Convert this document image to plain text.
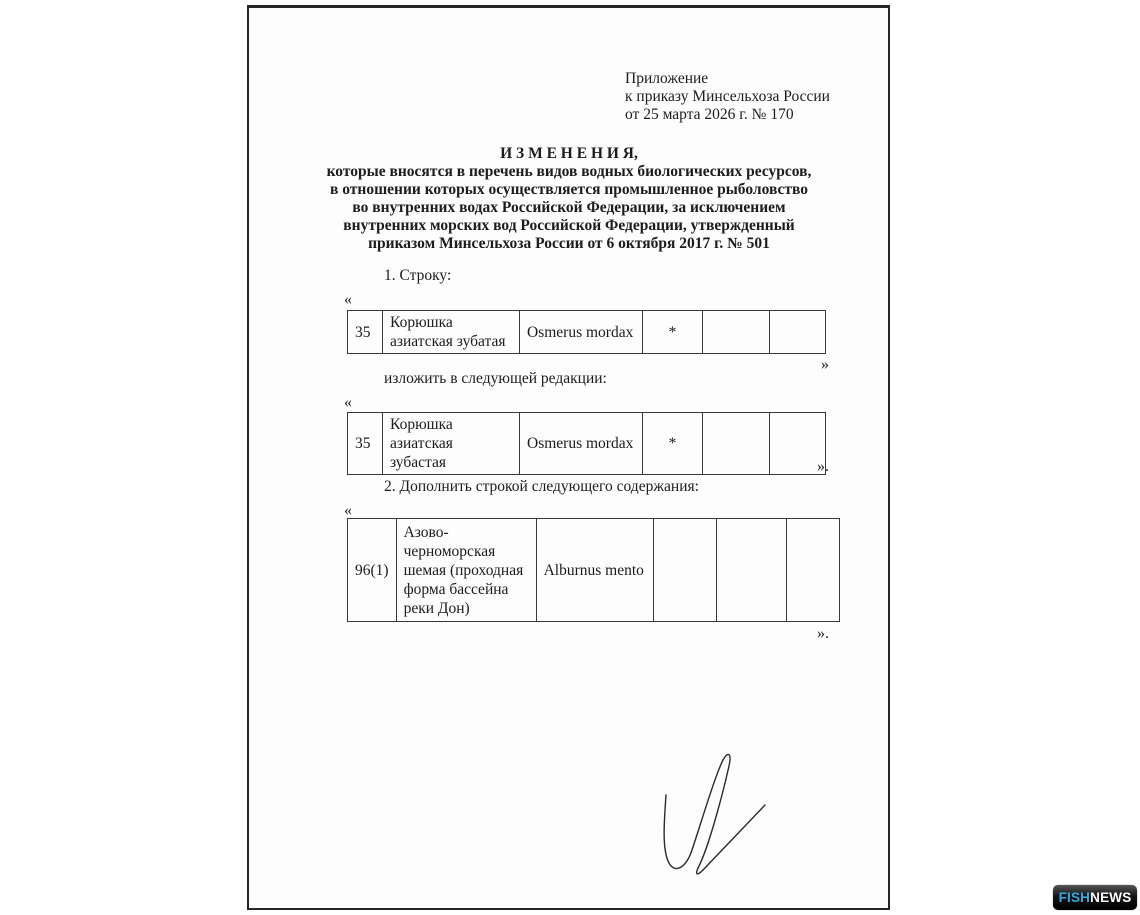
Приложение
к приказу Минсельхоза России
от 25 марта 2026 г. № 170
И З М Е Н Е Н И Я,
которые вносятся в перечень видов водных биологических ресурсов,
в отношении которых осуществляется промышленное рыболовство
во внутренних водах Российской Федерации, за исключением
внутренних морских вод Российской Федерации, утвержденный
приказом Минсельхоза России от 6 октября 2017 г. № 501
1. Строку:
«
35	Корюшка азиатская зубатая	Osmerus mordax	*		
»
изложить в следующей редакции:
«
35	Корюшка азиатская зубастая	Osmerus mordax	*		
».
2. Дополнить строкой следующего содержания:
«
96(1)	Азово-черноморская шемая (проходная форма бассейна реки Дон)	Alburnus mento			
».
FISH NEWS
